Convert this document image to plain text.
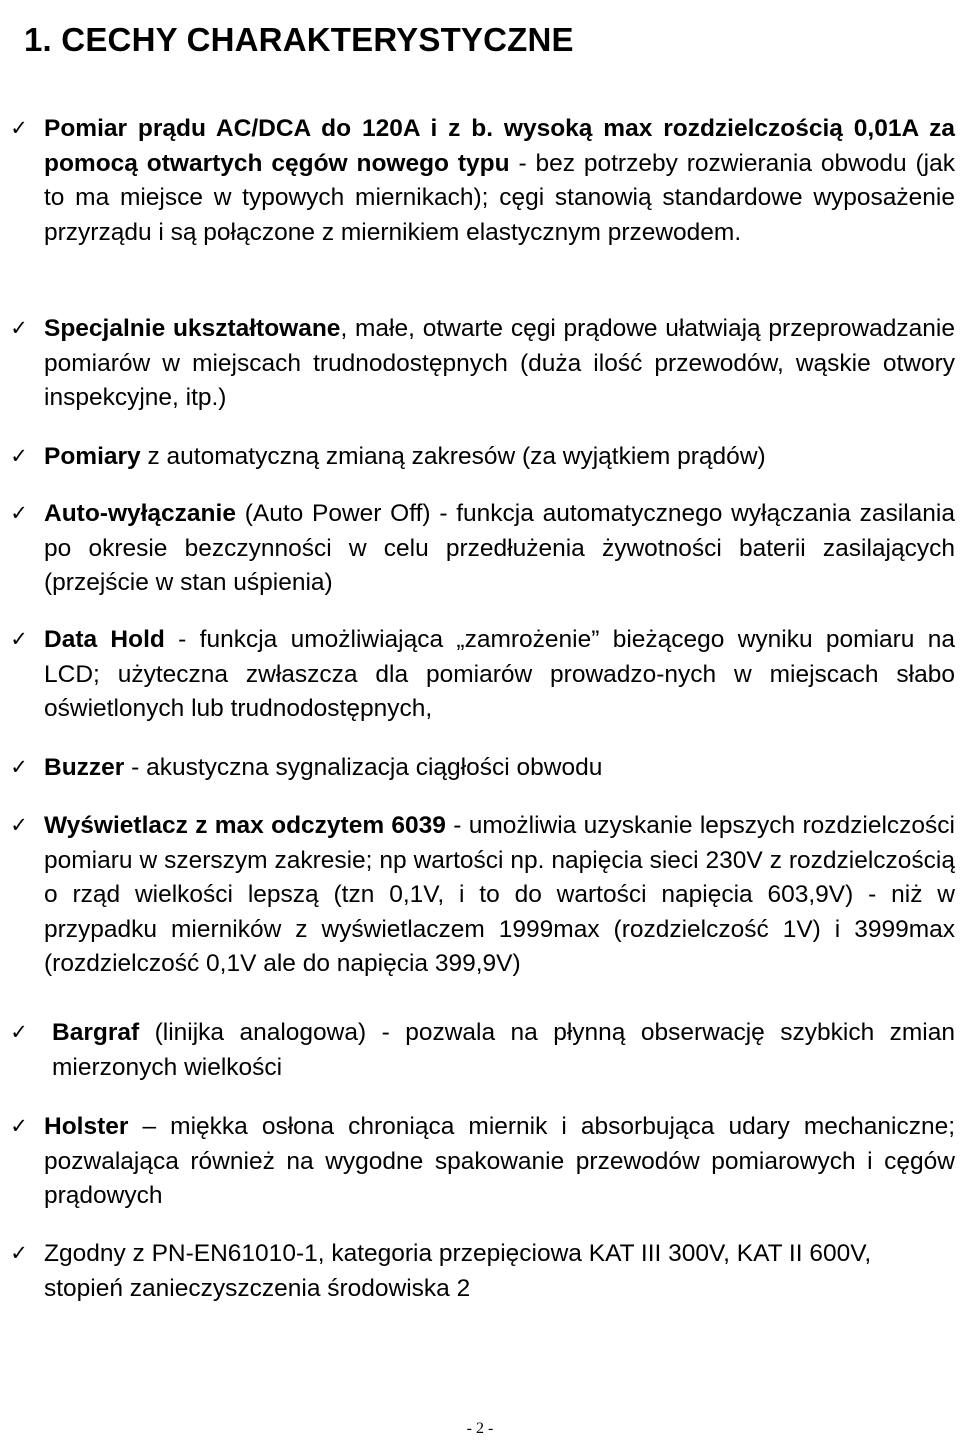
1. CECHY CHARAKTERYSTYCZNE
✓ Pomiar prądu AC/DCA do 120A i z b. wysoką max rozdzielczością 0,01A za pomocą otwartych cęgów nowego typu - bez potrzeby rozwierania obwodu (jak to ma miejsce w typowych miernikach); cęgi stanowią standardowe wyposażenie przyrządu i są połączone z miernikiem elastycznym przewodem.

✓ Specjalnie ukształtowane, małe, otwarte cęgi prądowe ułatwiają przeprowadzanie pomiarów w miejscach trudnodostępnych (duża ilość przewodów, wąskie otwory inspekcyjne, itp.)

✓ Pomiary z automatyczną zmianą zakresów (za wyjątkiem prądów)

✓ Auto-wyłączanie (Auto Power Off) - funkcja automatycznego wyłączania zasilania po okresie bezczynności w celu przedłużenia żywotności baterii zasilających (przejście w stan uśpienia)

✓ Data Hold - funkcja umożliwiająca „zamrożenie” bieżącego wyniku pomiaru na LCD; użyteczna zwłaszcza dla pomiarów prowadzo-nych w miejscach słabo oświetlonych lub trudnodostępnych,

✓ Buzzer - akustyczna sygnalizacja ciągłości obwodu

✓ Wyświetlacz z max odczytem 6039 - umożliwia uzyskanie lepszych rozdzielczości pomiaru w szerszym zakresie; np wartości np. napięcia sieci 230V z rozdzielczością o rząd wielkości lepszą (tzn 0,1V, i to do wartości napięcia 603,9V) - niż w przypadku mierników z wyświetlaczem 1999max (rozdzielczość 1V) i 3999max (rozdzielczość 0,1V ale do napięcia 399,9V)

✓ Bargraf (linijka analogowa) - pozwala na płynną obserwację szybkich zmian mierzonych wielkości

✓ Holster – miękka osłona chroniąca miernik i absorbująca udary mechaniczne; pozwalająca również na wygodne spakowanie przewodów pomiarowych i cęgów prądowych

✓ Zgodny z PN-EN61010-1, kategoria przepięciowa KAT III 300V, KAT II 600V, stopień zanieczyszczenia środowiska 2

- 2 -
